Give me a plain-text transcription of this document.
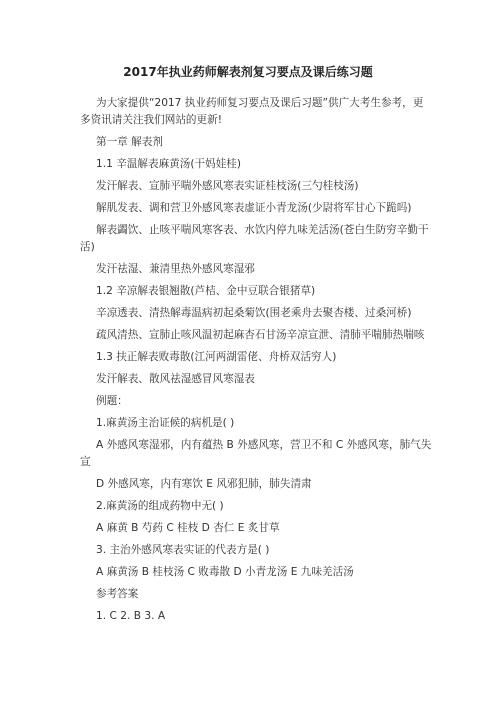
2017年执业药师解表剂复习要点及课后练习题

为大家提供“2017 执业药师复习要点及课后习题”供广大考生参考，更多资讯请关注我们网站的更新!

第一章 解表剂

1.1 辛温解表麻黄汤(干妈娃桂)

发汗解表、宣肺平喘外感风寒表实证桂枝汤(三勺桂枝汤)

解肌发表、调和营卫外感风寒表虚证小青龙汤(少尉将军甘心下跪吗)

解表蠲饮、止咳平喘风寒客表、水饮内停九味羌活汤(苍白生防穷辛勤干活)

发汗祛湿、兼清里热外感风寒湿邪

1.2 辛凉解表银翘散(芦桔、金中豆联合银猪草)

辛凉透表、清热解毒温病初起桑菊饮(围老乘舟去聚杏楼、过桑河桥)

疏风清热、宣肺止咳风温初起麻杏石甘汤辛凉宣泄、清肺平喘肺热喘咳

1.3 扶正解表败毒散(江河两湖雷佬、舟桥双活穷人)

发汗解表、散风祛湿感冒风寒湿表

例题：

1.麻黄汤主治证候的病机是( )

A 外感风寒湿邪，内有蕴热 B 外感风寒，营卫不和 C 外感风寒，肺气失宣

D 外感风寒，内有寒饮 E 风邪犯肺，肺失清肃

2.麻黄汤的组成药物中无( )

A 麻黄 B 芍药 C 桂枝 D 杏仁 E 炙甘草

3. 主治外感风寒表实证的代表方是( )

A 麻黄汤 B 桂枝汤 C 败毒散 D 小青龙汤 E 九味羌活汤

参考答案

1. C 2. B 3. A
